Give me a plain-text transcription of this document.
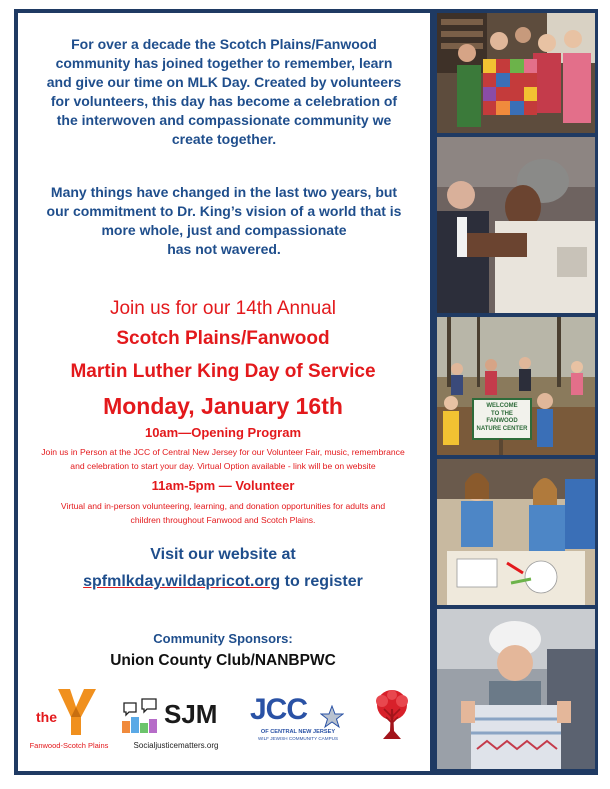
For over a decade the Scotch Plains/Fanwood
community has joined together to remember, learn
and give our time on MLK Day. Created by volunteers
for volunteers, this day has become a celebration of
the interwoven and compassionate community we
create together.
Many things have changed in the last two years, but
our commitment to Dr. King’s vision of a world that is
more whole, just and compassionate
has not wavered.

Join us for our 14th Annual

Scotch Plains/Fanwood

Martin Luther King Day of Service

Monday, January 16th

10am—Opening Program

Join us in Person at the JCC of Central New Jersey for our Volunteer Fair, music, remembrance

and celebration to start your day. Virtual Option available - link will be on website

11am-5pm — Volunteer

Virtual and in-person volunteering, learning, and donation opportunities for adults and

children throughout Fanwood and Scotch Plains.

Visit our website at

spfmlkday.wildapricot.org to register

Community Sponsors:

Union County Club/NANBPWC

the
Fanwood-Scotch Plains
SJM
Socialjusticematters.org
JCC
OF CENTRAL NEW JERSEY
WILF JEWISH COMMUNITY CAMPUS
WELCOME
TO THE
FANWOOD
NATURE CENTER
